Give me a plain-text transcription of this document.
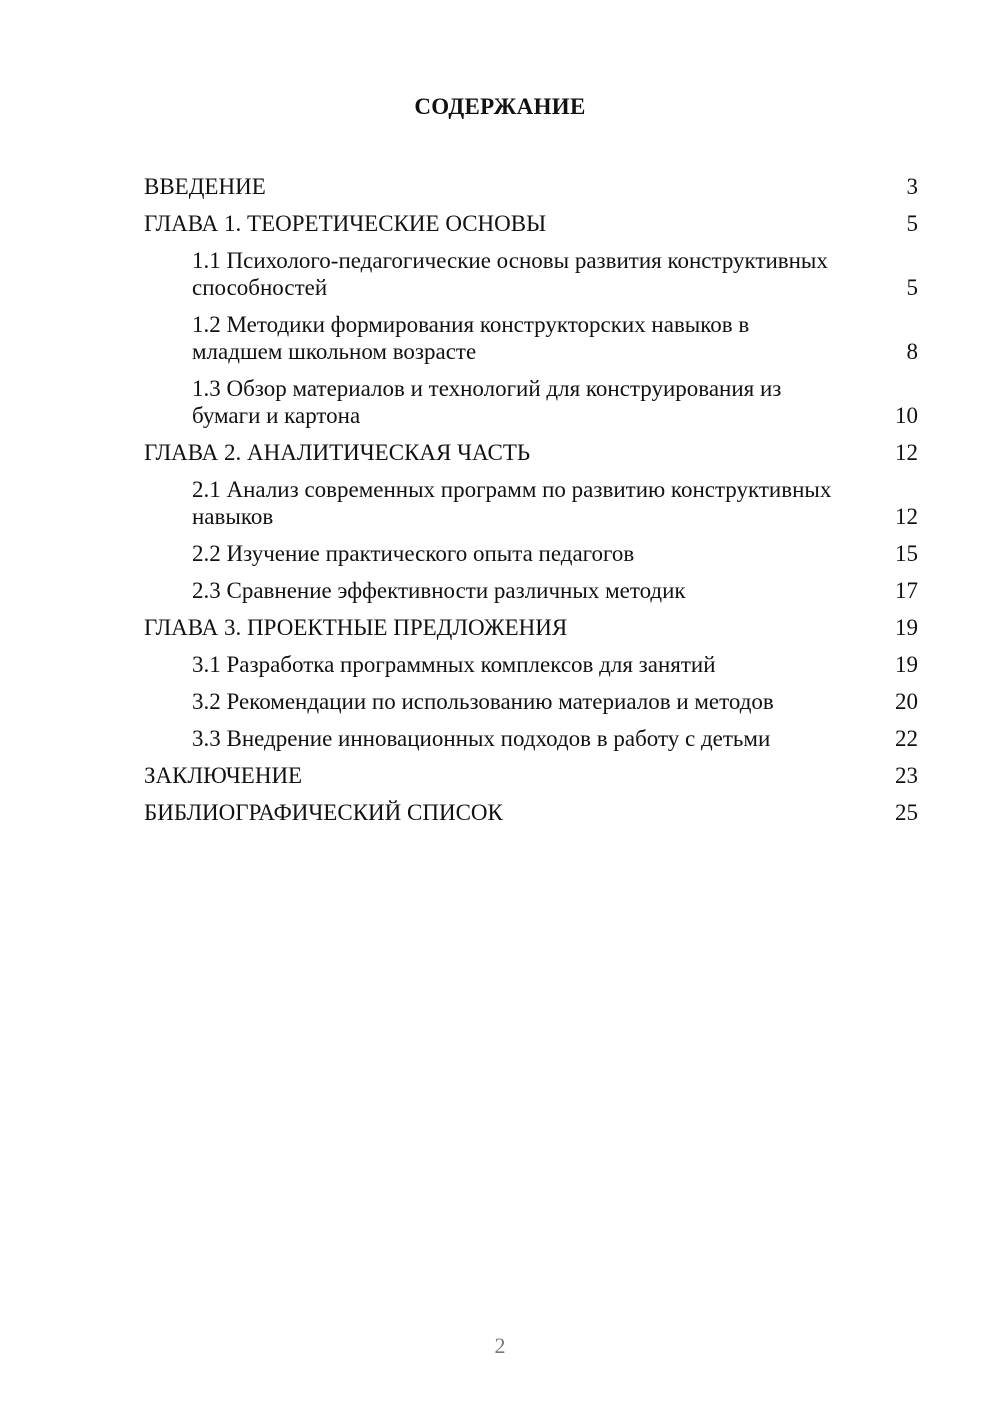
СОДЕРЖАНИЕ
ВВЕДЕНИЕ	3
ГЛАВА 1. ТЕОРЕТИЧЕСКИЕ ОСНОВЫ	5
1.1 Психолого-педагогические основы развития конструктивных способностей	5
1.2 Методики формирования конструкторских навыков в младшем школьном возрасте	8
1.3 Обзор материалов и технологий для конструирования из бумаги и картона	10
ГЛАВА 2. АНАЛИТИЧЕСКАЯ ЧАСТЬ	12
2.1 Анализ современных программ по развитию конструктивных навыков	12
2.2 Изучение практического опыта педагогов	15
2.3 Сравнение эффективности различных методик	17
ГЛАВА 3. ПРОЕКТНЫЕ ПРЕДЛОЖЕНИЯ	19
3.1 Разработка программных комплексов для занятий	19
3.2 Рекомендации по использованию материалов и методов	20
3.3 Внедрение инновационных подходов в работу с детьми	22
ЗАКЛЮЧЕНИЕ	23
БИБЛИОГРАФИЧЕСКИЙ СПИСОК	25
2
